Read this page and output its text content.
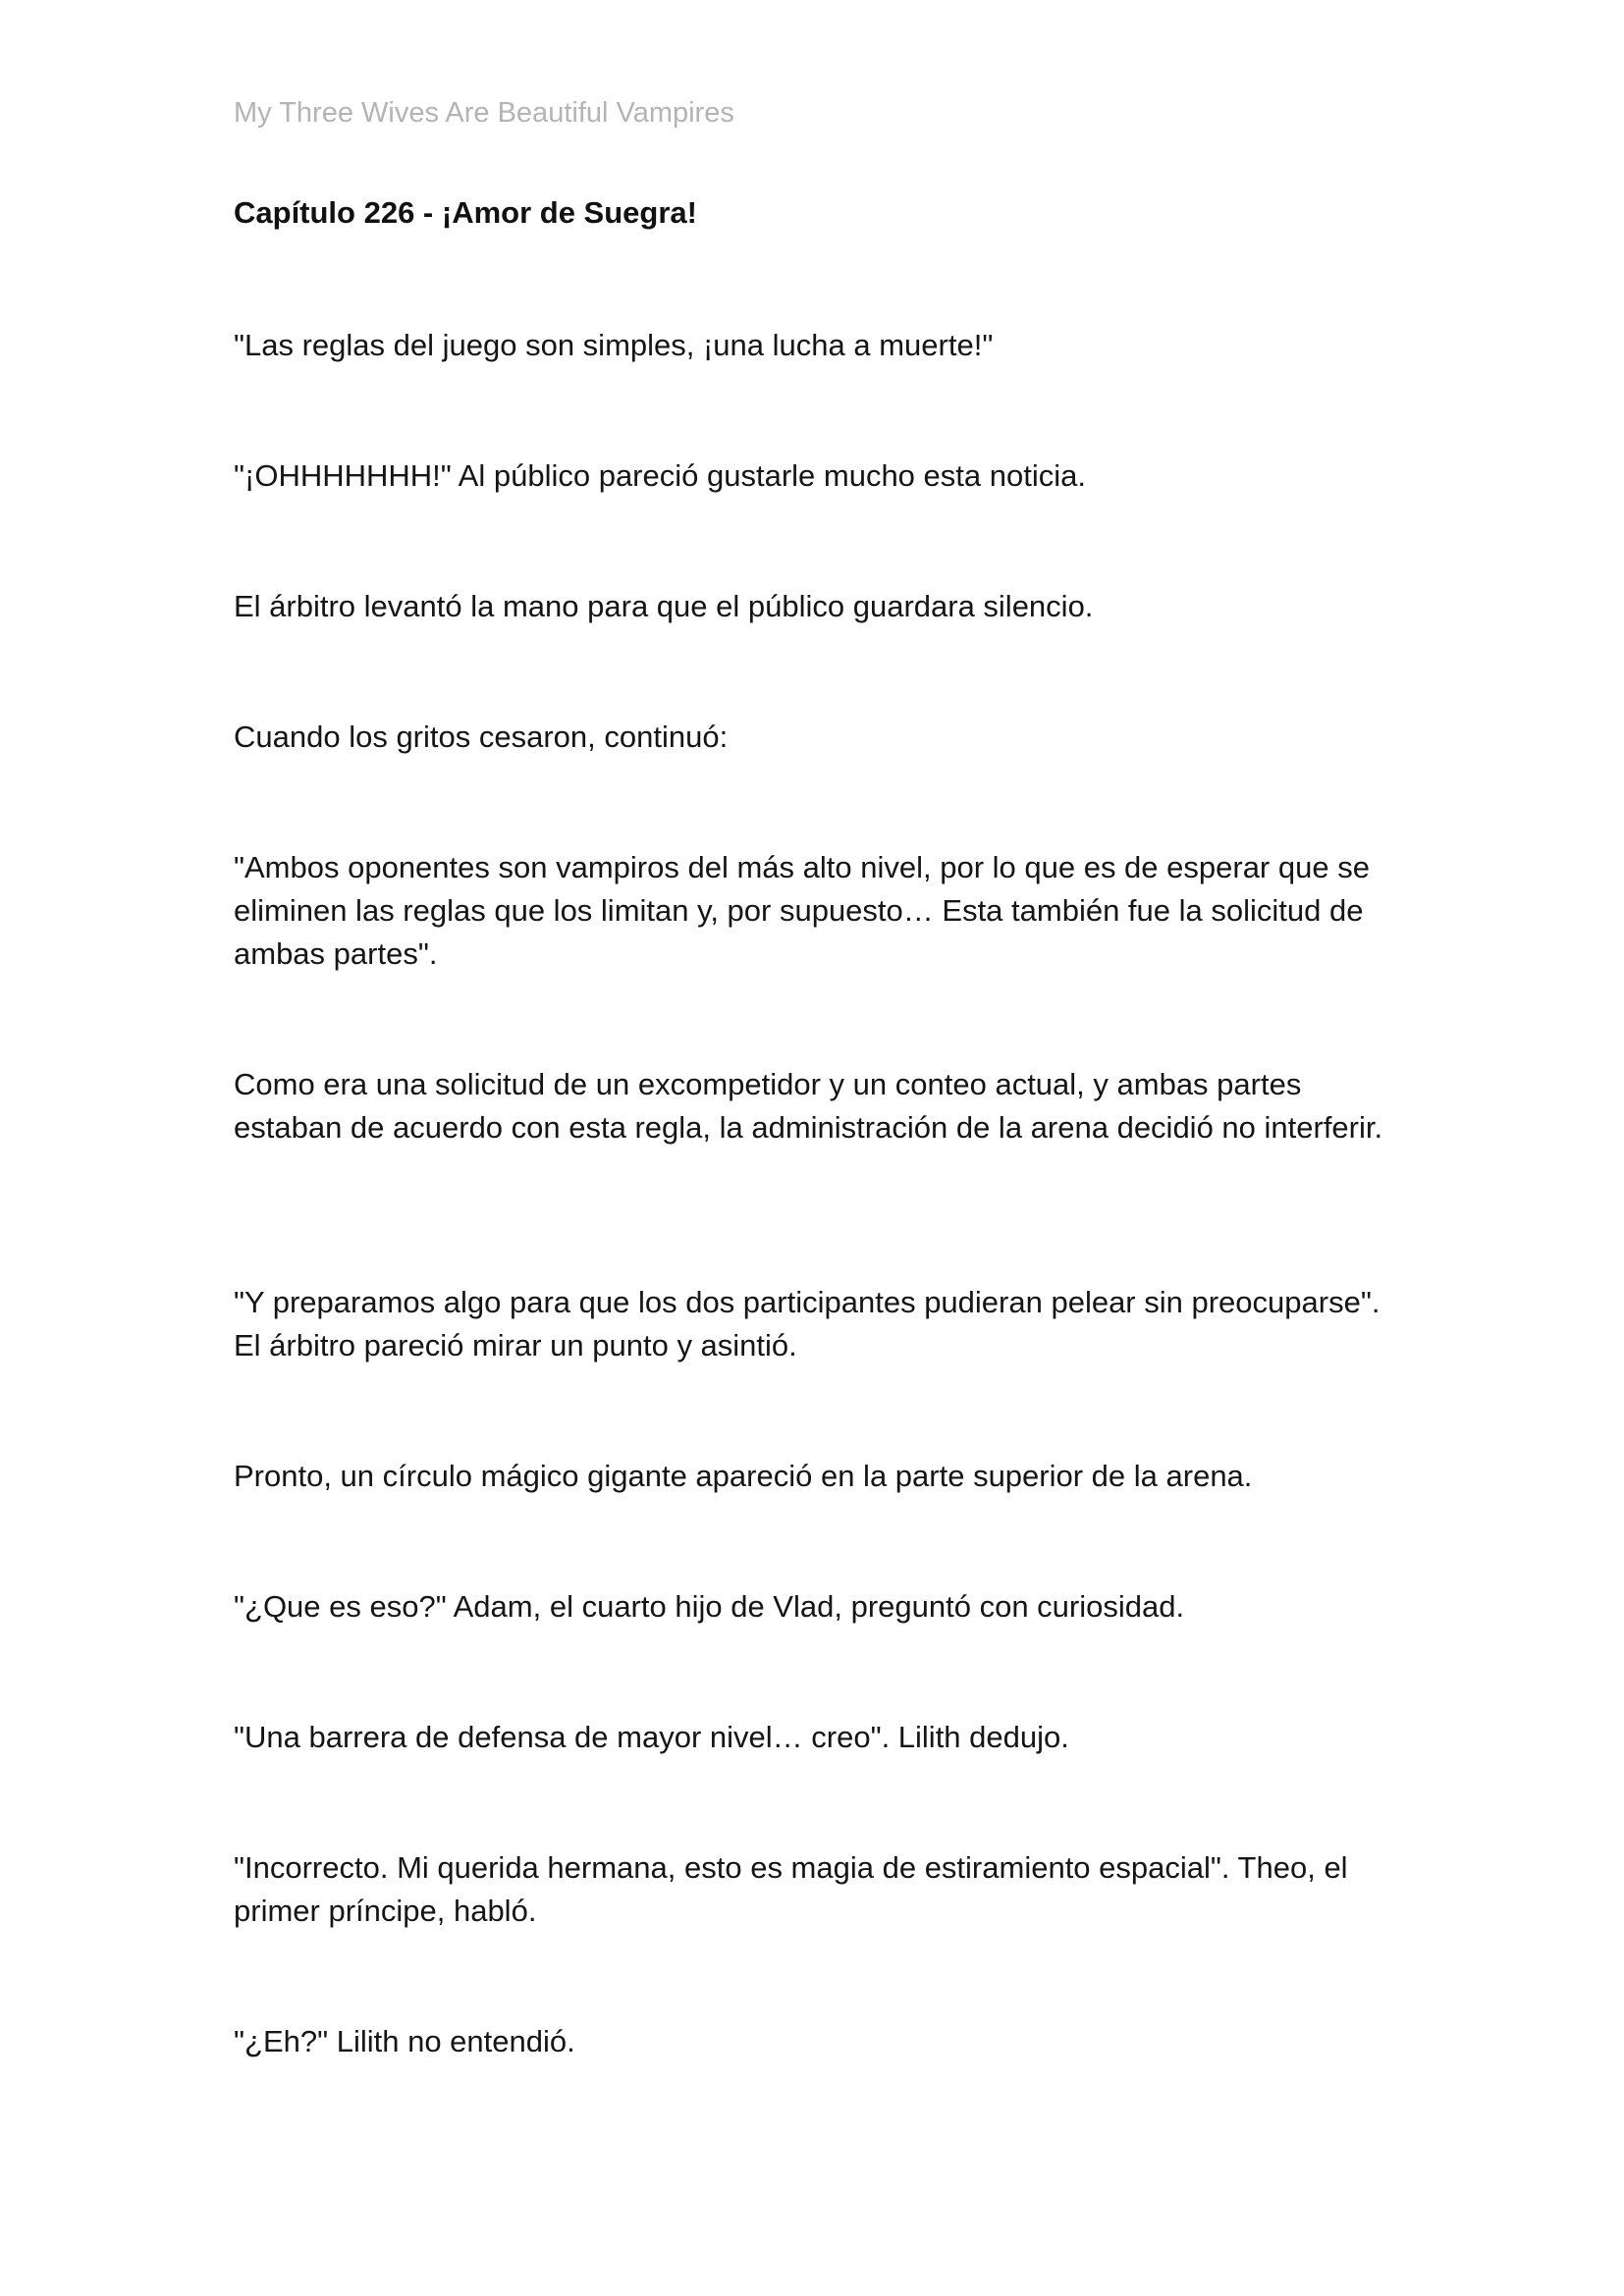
My Three Wives Are Beautiful Vampires
Capítulo 226 - ¡Amor de Suegra!

"Las reglas del juego son simples, ¡una lucha a muerte!"

"¡OHHHHHHH!" Al público pareció gustarle mucho esta noticia.

El árbitro levantó la mano para que el público guardara silencio.

Cuando los gritos cesaron, continuó:

"Ambos oponentes son vampiros del más alto nivel, por lo que es de esperar que se eliminen las reglas que los limitan y, por supuesto… Esta también fue la solicitud de ambas partes".

Como era una solicitud de un excompetidor y un conteo actual, y ambas partes estaban de acuerdo con esta regla, la administración de la arena decidió no interferir.

"Y preparamos algo para que los dos participantes pudieran pelear sin preocuparse". El árbitro pareció mirar un punto y asintió.

Pronto, un círculo mágico gigante apareció en la parte superior de la arena.

"¿Que es eso?" Adam, el cuarto hijo de Vlad, preguntó con curiosidad.

"Una barrera de defensa de mayor nivel… creo". Lilith dedujo.

"Incorrecto. Mi querida hermana, esto es magia de estiramiento espacial". Theo, el primer príncipe, habló.

"¿Eh?" Lilith no entendió.
